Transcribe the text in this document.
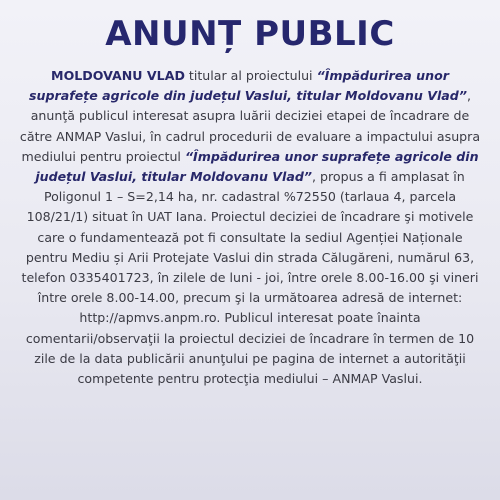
ANUNȚ PUBLIC

MOLDOVANU VLAD titular al proiectului “Împădurirea unor suprafețe agricole din județul Vaslui, titular Moldovanu Vlad”, anunţă publicul interesat asupra luării deciziei etapei de încadrare de către ANMAP Vaslui, în cadrul procedurii de evaluare a impactului asupra mediului pentru proiectul “Împădurirea unor suprafețe agricole din județul Vaslui, titular Moldovanu Vlad”, propus a fi amplasat în Poligonul 1 – S=2,14 ha, nr. cadastral %72550 (tarlaua 4, parcela 108/21/1) situat în UAT Iana. Proiectul deciziei de încadrare şi motivele care o fundamentează pot fi consultate la sediul Agenției Naționale pentru Mediu și Arii Protejate Vaslui din strada Călugăreni, numărul 63, telefon 0335401723, în zilele de luni - joi, între orele 8.00-16.00 şi vineri între orele 8.00-14.00, precum şi la următoarea adresă de internet: http://apmvs.anpm.ro. Publicul interesat poate înainta comentarii/observaţii la proiectul deciziei de încadrare în termen de 10 zile de la data publicării anunţului pe pagina de internet a autorităţii competente pentru protecţia mediului – ANMAP Vaslui.
